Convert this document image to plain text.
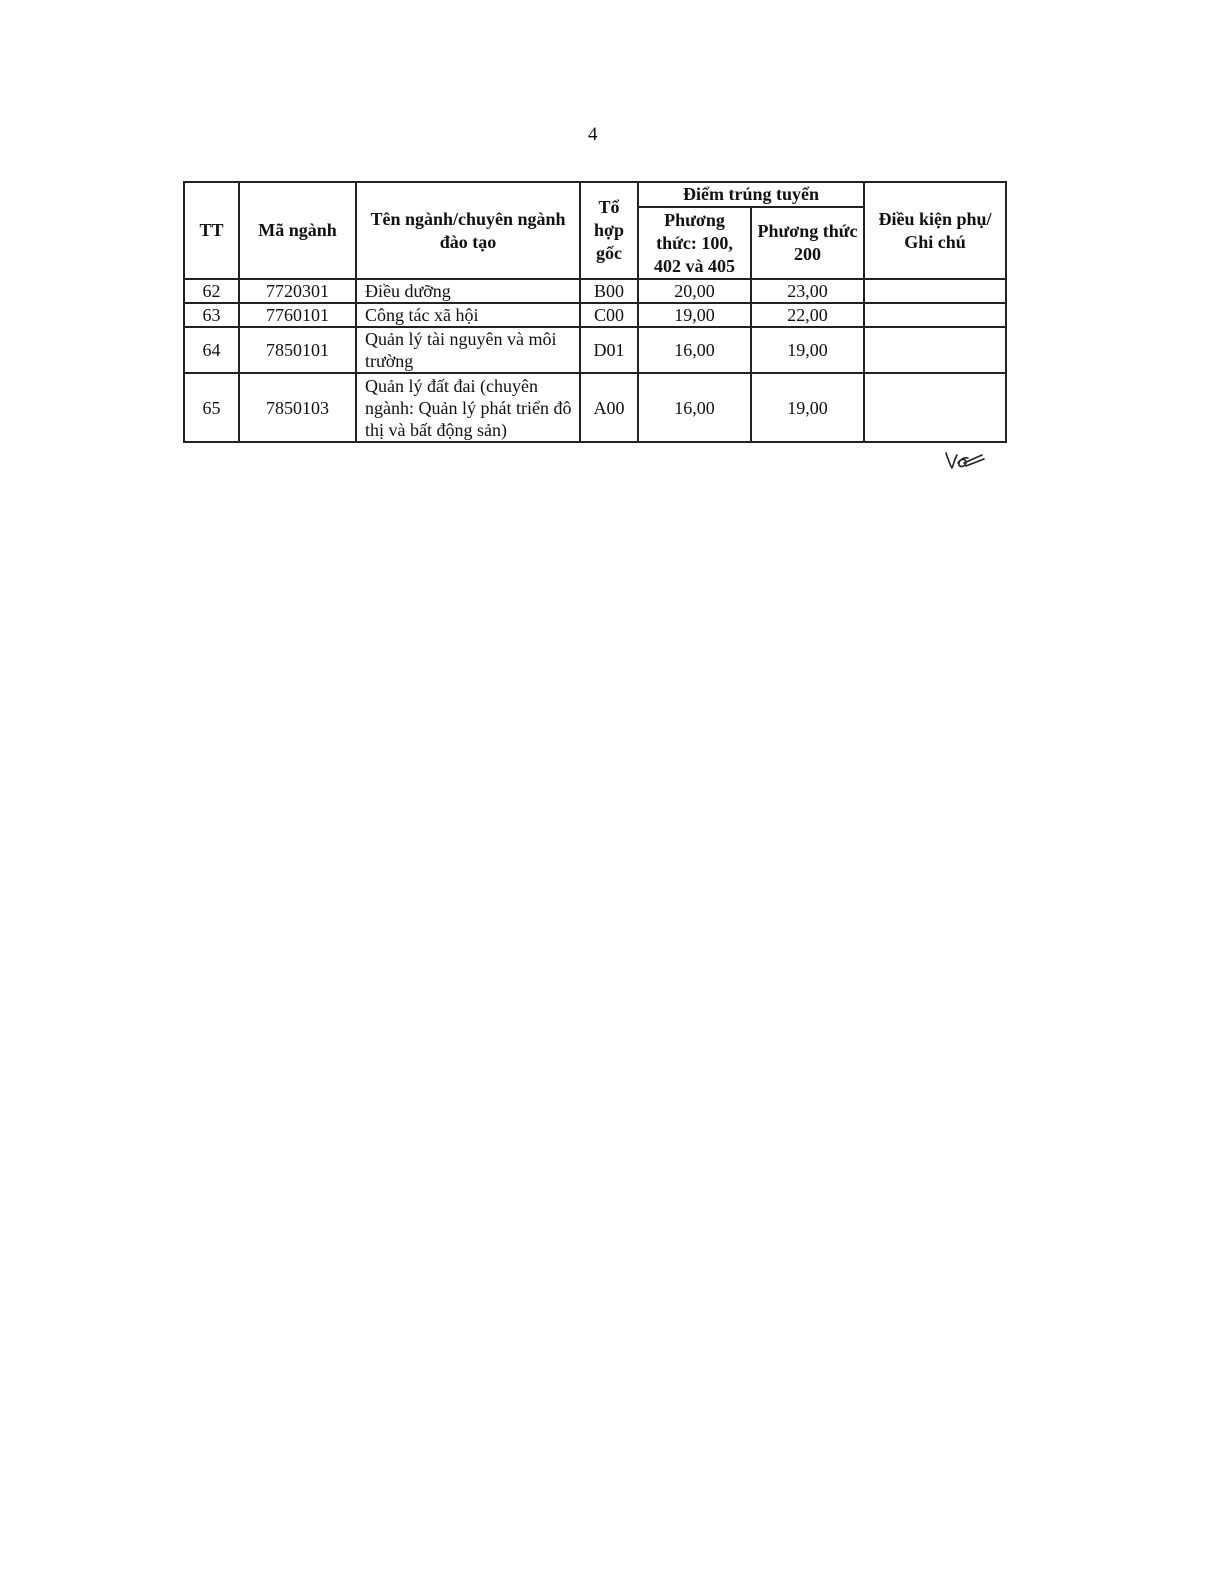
4
TT	Mã ngành	Tên ngành/chuyên ngành đào tạo	Tổ hợp gốc	Điểm trúng tuyển		Điều kiện phụ/ Ghi chú
				Phương thức: 100, 402 và 405	Phương thức 200	
62	7720301	Điều dưỡng	B00	20,00	23,00	
63	7760101	Công tác xã hội	C00	19,00	22,00	
64	7850101	Quản lý tài nguyên và môi trường	D01	16,00	19,00	
65	7850103	Quản lý đất đai (chuyên ngành: Quản lý phát triển đô thị và bất động sản)	A00	16,00	19,00	
